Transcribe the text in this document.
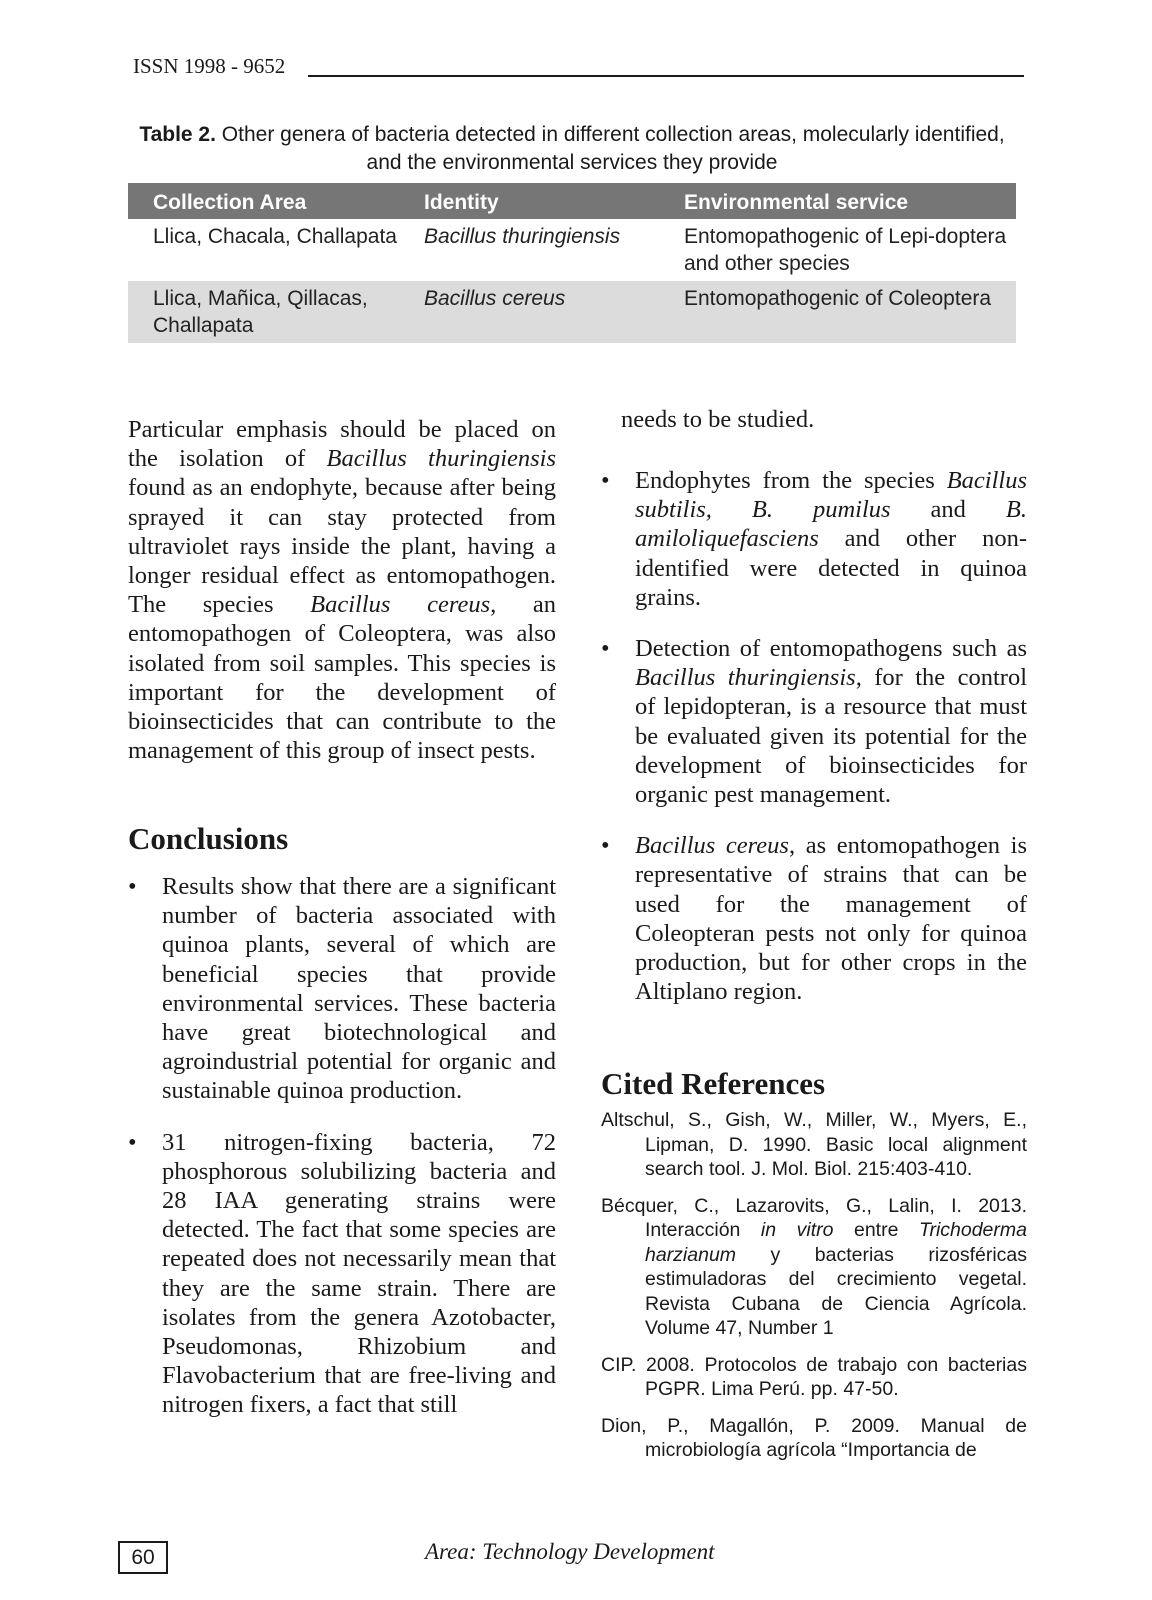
ISSN 1998 - 9652
Table 2. Other genera of bacteria detected in different collection areas, molecularly identified, and the environmental services they provide
Collection Area	Identity	Environmental service
Llica, Chacala, Challapata	Bacillus thuringiensis	Entomopathogenic of Lepi-doptera and other species
Llica, Mañica, Qillacas, Challapata	Bacillus cereus	Entomopathogenic of Coleoptera

Particular emphasis should be placed on the isolation of Bacillus thuringiensis found as an endophyte, because after being sprayed it can stay protected from ultraviolet rays inside the plant, having a longer residual effect as entomopathogen. The species Bacillus cereus, an entomopathogen of Coleoptera, was also isolated from soil samples. This species is important for the development of bioinsecticides that can contribute to the management of this group of insect pests.

Conclusions
•	Results show that there are a significant number of bacteria associated with quinoa plants, several of which are beneficial species that provide environmental services. These bacteria have great biotechnological and agroindustrial potential for organic and sustainable quinoa production.
•	31 nitrogen-fixing bacteria, 72 phosphorous solubilizing bacteria and 28 IAA generating strains were detected. The fact that some species are repeated does not necessarily mean that they are the same strain. There are isolates from the genera Azotobacter, Pseudomonas, Rhizobium and Flavobacterium that are free-living and nitrogen fixers, a fact that still

needs to be studied.

•	Endophytes from the species Bacillus subtilis, B. pumilus and B. amiloliquefasciens and other non-identified were detected in quinoa grains.
•	Detection of entomopathogens such as Bacillus thuringiensis, for the control of lepidopteran, is a resource that must be evaluated given its potential for the development of bioinsecticides for organic pest management.
•	Bacillus cereus, as entomopathogen is representative of strains that can be used for the management of Coleopteran pests not only for quinoa production, but for other crops in the Altiplano region.
Cited References

Altschul, S., Gish, W., Miller, W., Myers, E., Lipman, D. 1990. Basic local alignment search tool. J. Mol. Biol. 215:403-410.

Bécquer, C., Lazarovits, G., Lalin, I. 2013. Interacción in vitro entre Trichoderma harzianum y bacterias rizosféricas estimuladoras del crecimiento vegetal. Revista Cubana de Ciencia Agrícola. Volume 47, Number 1

CIP. 2008. Protocolos de trabajo con bacterias PGPR. Lima Perú. pp. 47-50.

Dion, P., Magallón, P. 2009. Manual de microbiología agrícola “Importancia de

60	Area: Technology Development
